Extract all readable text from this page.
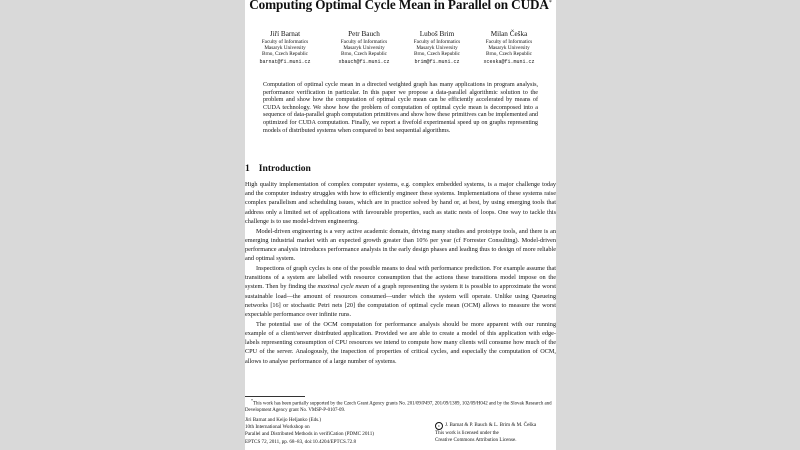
Computing Optimal Cycle Mean in Parallel on CUDA*
Jiří Barnat
Faculty of Informatics
Masaryk University
Brno, Czech Republic
barnat@fi.muni.cz
Petr Bauch
Faculty of Informatics
Masaryk University
Brno, Czech Republic
xbauch@fi.muni.cz
Luboš Brim
Faculty of Informatics
Masaryk University
Brno, Czech Republic
brim@fi.muni.cz
Milan Češka
Faculty of Informatics
Masaryk University
Brno, Czech Republic
xceska@fi.muni.cz

Computation of optimal cycle mean in a directed weighted graph has many applications in program analysis, performance verification in particular. In this paper we propose a data-parallel algorithmic solution to the problem and show how the computation of optimal cycle mean can be efficiently accelerated by means of CUDA technology. We show how the problem of computation of optimal cycle mean is decomposed into a sequence of data-parallel graph computation primitives and show how these primitives can be implemented and optimized for CUDA computation. Finally, we report a fivefold experimental speed up on graphs representing models of distributed systems when compared to best sequential algorithms.

1 Introduction

High quality implementation of complex computer systems, e.g. complex embedded systems, is a major challenge today and the computer industry struggles with how to efficiently engineer these systems. Implementations of these systems raise complex parallelism and scheduling issues, which are in practice solved by hand or, at best, by using emerging tools that address only a limited set of applications with favourable properties, such as static nests of loops. One way to tackle this challenge is to use model-driven engineering.

Model-driven engineering is a very active academic domain, driving many studies and prototype tools, and there is an emerging industrial market with an expected growth greater than 10% per year (cf Forrester Consulting). Model-driven performance analysis introduces performance analysis in the early design phases and leading thus to design of more reliable and optimal system.

Inspections of graph cycles is one of the possible means to deal with performance prediction. For example assume that transitions of a system are labelled with resource consumption that the actions these transitions model impose on the system. Then by finding the maximal cycle mean of a graph representing the system it is possible to approximate the worst sustainable load—the amount of resources consumed—under which the system will operate. Unlike using Queueing networks [16] or stochastic Petri nets [20] the computation of optimal cycle mean (OCM) allows to measure the worst expectable performance over infinite runs.

The potential use of the OCM computation for performance analysis should be more apparent with our running example of a client/server distributed application. Provided we are able to create a model of this application with edge-labels representing consumption of CPU resources we intend to compute how many clients will consume how much of the CPU of the server. Analogously, the inspection of properties of critical cycles, and especially the computation of OCM, allows to analyse performance of a large number of systems.

*This work has been partially supported by the Czech Grant Agency grants No. 201/09/P497, 201/09/1389, 102/09/H042 and by the Slovak Research and Development Agency grant No. VMSP-P-0107-09.
Jiri Barnat and Keijo Heljanko (Eds.)
10th International Workshop on
Parallel and Distributed Methods in verifiCation (PDMC 2011)
EPTCS 72, 2011, pp. 68–83, doi:10.4204/EPTCS.72.8
c J. Barnat & P. Bauch & L. Brim & M. Češka
This work is licensed under the
Creative Commons Attribution License.
